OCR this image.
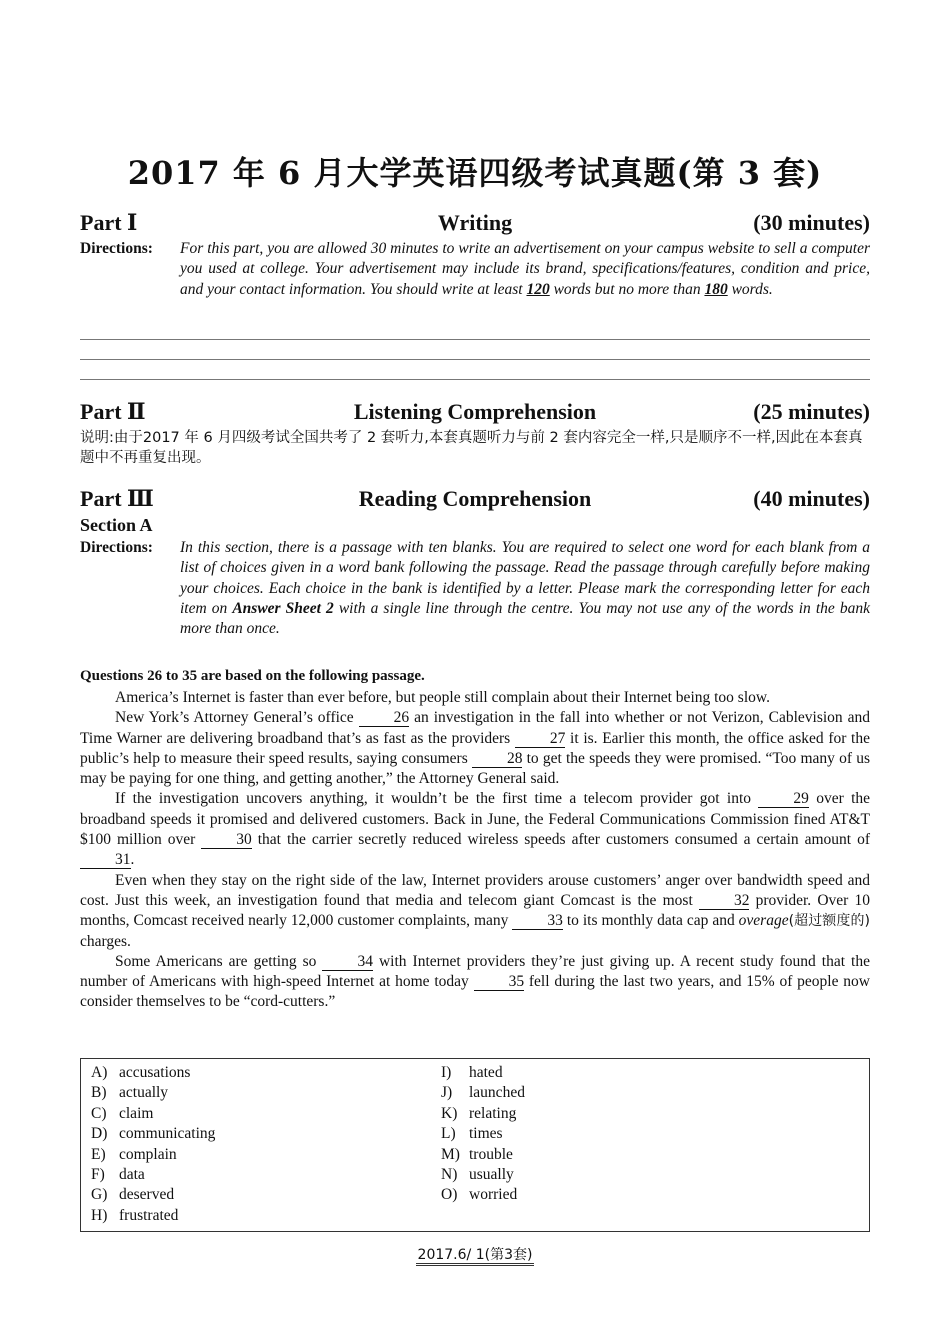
2017 年 6 月大学英语四级考试真题(第 3 套)
Part Ⅰ	Writing	(30 minutes)
Directions: For this part, you are allowed 30 minutes to write an advertisement on your campus website to sell a computer you used at college. Your advertisement may include its brand, specifications/features, condition and price, and your contact information. You should write at least 120 words but no more than 180 words.
Part Ⅱ	Listening Comprehension	(25 minutes)
说明:由于2017 年 6 月四级考试全国共考了 2 套听力,本套真题听力与前 2 套内容完全一样,只是顺序不一样,因此在本套真题中不再重复出现。
Part Ⅲ	Reading Comprehension	(40 minutes)
Section A
Directions: In this section, there is a passage with ten blanks. You are required to select one word for each blank from a list of choices given in a word bank following the passage. Read the passage through carefully before making your choices. Each choice in the bank is identified by a letter. Please mark the corresponding letter for each item on Answer Sheet 2 with a single line through the centre. You may not use any of the words in the bank more than once.
Questions 26 to 35 are based on the following passage.

America’s Internet is faster than ever before, but people still complain about their Internet being too slow.

New York’s Attorney General’s office 26 an investigation in the fall into whether or not Verizon, Cablevision and Time Warner are delivering broadband that’s as fast as the providers 27 it is. Earlier this month, the office asked for the public’s help to measure their speed results, saying consumers 28 to get the speeds they were promised. “Too many of us may be paying for one thing, and getting another,” the Attorney General said.

If the investigation uncovers anything, it wouldn’t be the first time a telecom provider got into 29 over the broadband speeds it promised and delivered customers. Back in June, the Federal Communications Commission fined AT&T $100 million over 30 that the carrier secretly reduced wireless speeds after customers consumed a certain amount of 31.

Even when they stay on the right side of the law, Internet providers arouse customers’ anger over bandwidth speed and cost. Just this week, an investigation found that media and telecom giant Comcast is the most 32 provider. Over 10 months, Comcast received nearly 12,000 customer complaints, many 33 to its monthly data cap and overage(超过额度的) charges.

Some Americans are getting so 34 with Internet providers they’re just giving up. A recent study found that the number of Americans with high-speed Internet at home today 35 fell during the last two years, and 15% of people now consider themselves to be “cord-cutters.”

A) accusations
B) actually
C) claim
D) communicating
E) complain
F) data
G) deserved
H) frustrated
I) hated
J) launched
K) relating
L) times
M) trouble
N) usually
O) worried
2017.6/ 1(第3套)
